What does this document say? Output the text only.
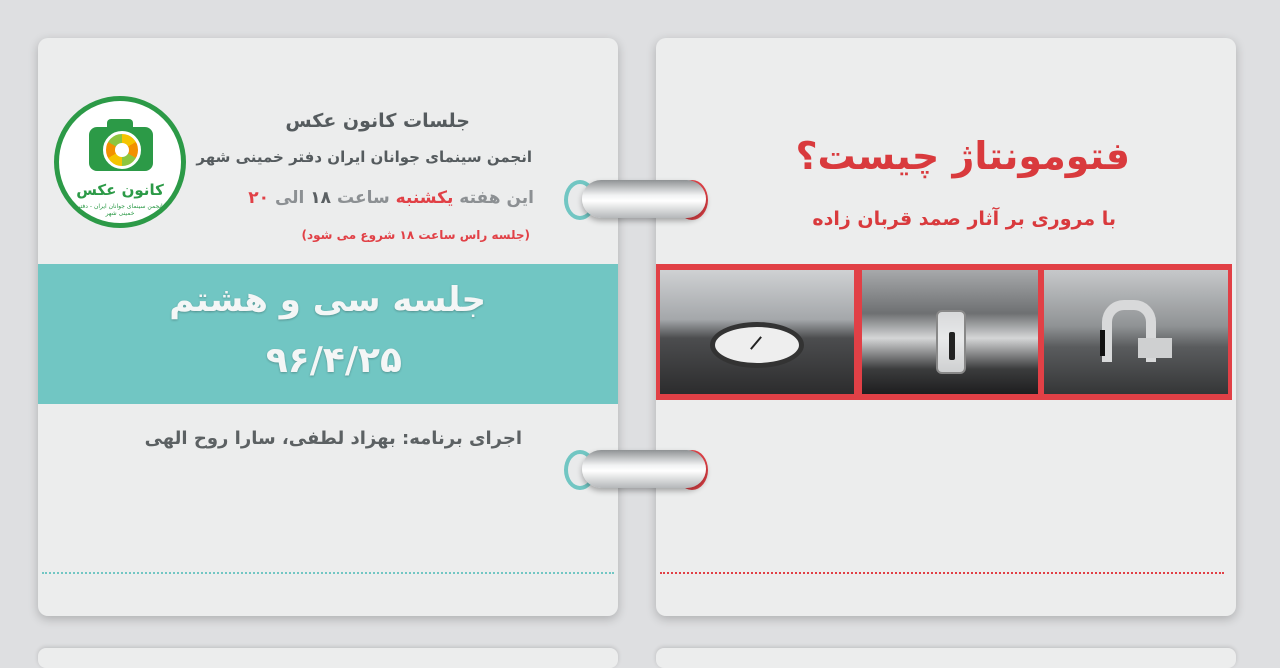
کانون عکس
انجمن سینمای جوانان ایران - دفتر خمینی شهر
جلسات کانون عکس
انجمن سینمای جوانان ایران دفتر خمینی شهر
این هفته یکشنبه ساعت ۱۸ الی ۲۰
(جلسه راس ساعت ۱۸ شروع می شود)
جلسه سی و هشتم
۹۶/۴/۲۵
اجرای برنامه: بهزاد لطفی، سارا روح الهی
فتومونتاژ چیست؟
با مروری بر آثار صمد قربان زاده
